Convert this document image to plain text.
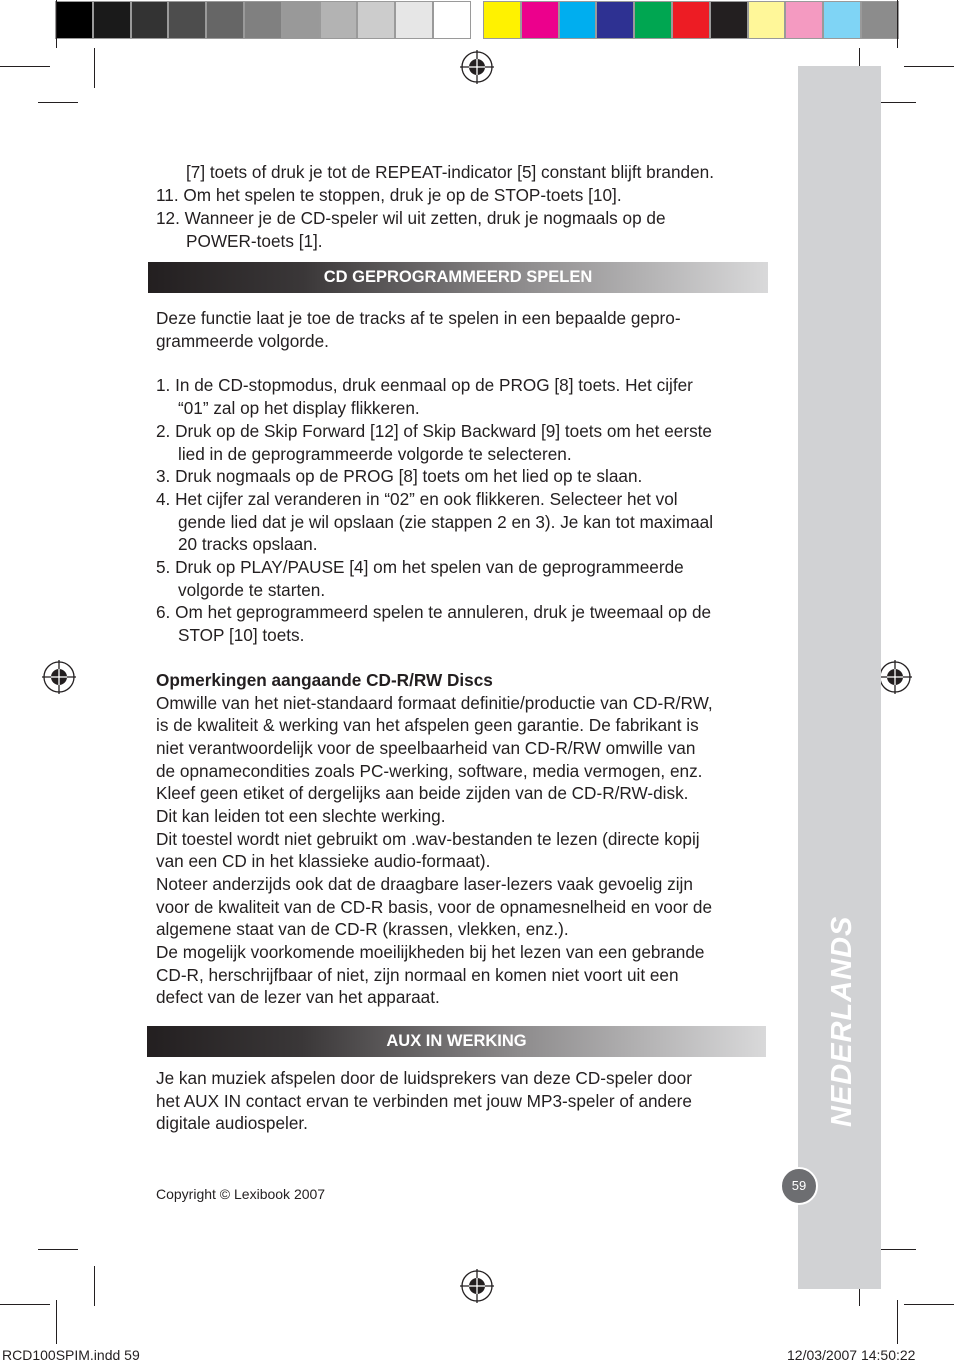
NEDERLANDS
59
[7] toets of druk je tot de REPEAT-indicator [5] constant blijft branden.
11. Om het spelen te stoppen, druk je op de STOP-toets [10].
12. Wanneer je de CD-speler wil uit zetten, druk je nogmaals op de
POWER-toets [1].
CD GEPROGRAMMEERD SPELEN
Deze functie laat je toe de tracks af te spelen in een bepaalde gepro-
grammeerde volgorde.
1. In de CD-stopmodus, druk eenmaal op de PROG [8] toets. Het cijfer
“01” zal op het display flikkeren.
2. Druk op de Skip Forward [12] of Skip Backward [9] toets om het eerste
lied in de geprogrammeerde volgorde te selecteren.
3. Druk nogmaals op de PROG [8] toets om het lied op te slaan.
4. Het cijfer zal veranderen in “02” en ook flikkeren. Selecteer het vol
gende lied dat je wil opslaan (zie stappen 2 en 3). Je kan tot maximaal
20 tracks opslaan.
5. Druk op PLAY/PAUSE [4] om het spelen van de geprogrammeerde
volgorde te starten.
6. Om het geprogrammeerd spelen te annuleren, druk je tweemaal op de
STOP [10] toets.
Opmerkingen aangaande CD-R/RW Discs
Omwille van het niet-standaard formaat definitie/productie van CD-R/RW,
is de kwaliteit & werking van het afspelen geen garantie. De fabrikant is
niet verantwoordelijk voor de speelbaarheid van CD-R/RW omwille van
de opnamecondities zoals PC-werking, software, media vermogen, enz.
Kleef geen etiket of dergelijks aan beide zijden van de CD-R/RW-disk.
Dit kan leiden tot een slechte werking.
Dit toestel wordt niet gebruikt om .wav-bestanden te lezen (directe kopij
van een CD in het klassieke audio-formaat).
Noteer anderzijds ook dat de draagbare laser-lezers vaak gevoelig zijn
voor de kwaliteit van de CD-R basis, voor de opnamesnelheid en voor de
algemene staat van de CD-R (krassen, vlekken, enz.).
De mogelijk voorkomende moeilijkheden bij het lezen van een gebrande
CD-R, herschrijfbaar of niet, zijn normaal en komen niet voort uit een
defect van de lezer van het apparaat.
AUX IN WERKING
Je kan muziek afspelen door de luidsprekers van deze CD-speler door
het AUX IN contact ervan te verbinden met jouw MP3-speler of andere
digitale audiospeler.
Copyright © Lexibook 2007
RCD100SPIM.indd 59	12/03/2007 14:50:22
